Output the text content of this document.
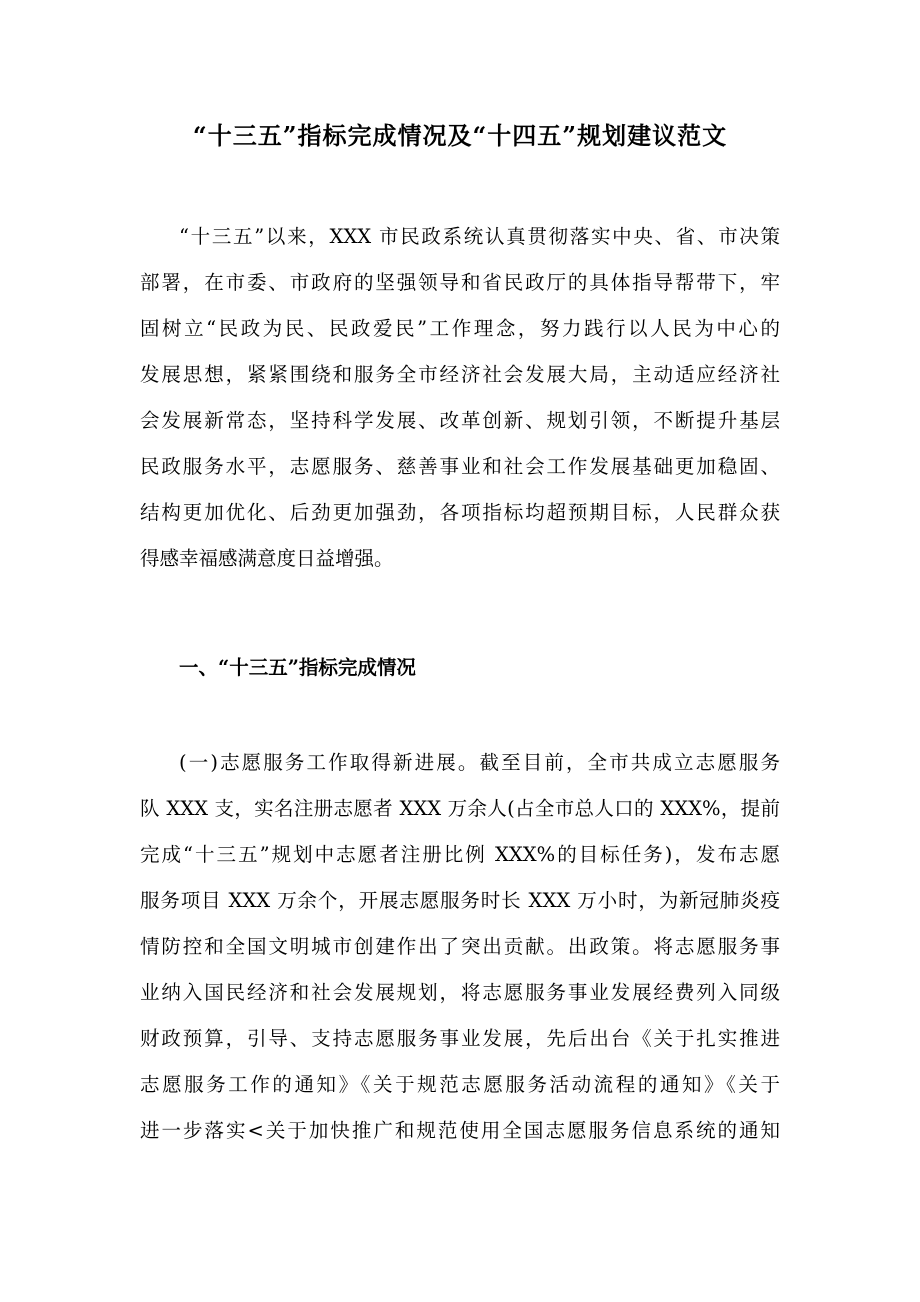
“十三五”指标完成情况及“十四五”规划建议范文
“十三五”以来，XXX 市民政系统认真贯彻落实中央、省、市决策
部署，在市委、市政府的坚强领导和省民政厅的具体指导帮带下，牢
固树立“民政为民、民政爱民”工作理念，努力践行以人民为中心的
发展思想，紧紧围绕和服务全市经济社会发展大局，主动适应经济社
会发展新常态，坚持科学发展、改革创新、规划引领，不断提升基层
民政服务水平，志愿服务、慈善事业和社会工作发展基础更加稳固、
结构更加优化、后劲更加强劲，各项指标均超预期目标，人民群众获
得感幸福感满意度日益增强。
一、“十三五”指标完成情况
(一)志愿服务工作取得新进展。截至目前，全市共成立志愿服务
队 XXX 支，实名注册志愿者 XXX 万余人(占全市总人口的 XXX%，提前
完成“十三五”规划中志愿者注册比例 XXX%的目标任务)，发布志愿
服务项目 XXX 万余个，开展志愿服务时长 XXX 万小时，为新冠肺炎疫
情防控和全国文明城市创建作出了突出贡献。出政策。将志愿服务事
业纳入国民经济和社会发展规划，将志愿服务事业发展经费列入同级
财政预算，引导、支持志愿服务事业发展，先后出台《关于扎实推进
志愿服务工作的通知》《关于规范志愿服务活动流程的通知》《关于
进一步落实<关于加快推广和规范使用全国志愿服务信息系统的通知
